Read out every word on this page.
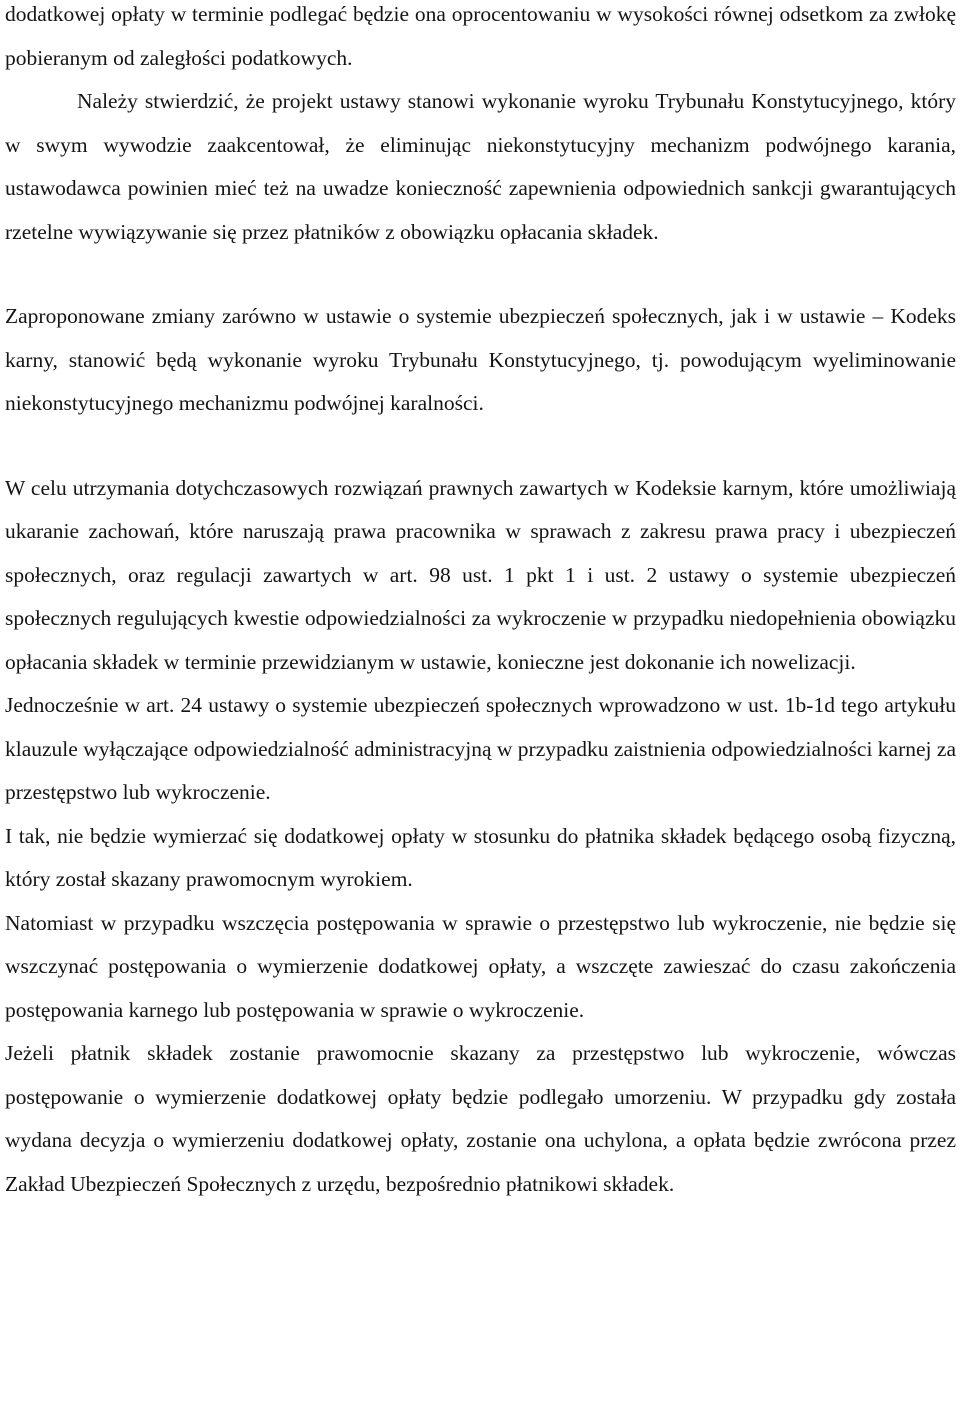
dodatkowej opłaty w terminie podlegać będzie ona oprocentowaniu w wysokości równej odsetkom za zwłokę pobieranym od zaległości podatkowych.

Należy stwierdzić, że projekt ustawy stanowi wykonanie wyroku Trybunału Konstytucyjnego, który w swym wywodzie zaakcentował, że eliminując niekonstytucyjny mechanizm podwójnego karania, ustawodawca powinien mieć też na uwadze konieczność zapewnienia odpowiednich sankcji gwarantujących rzetelne wywiązywanie się przez płatników z obowiązku opłacania składek.

Zaproponowane zmiany zarówno w ustawie o systemie ubezpieczeń społecznych, jak i w ustawie – Kodeks karny, stanowić będą wykonanie wyroku Trybunału Konstytucyjnego, tj. powodującym wyeliminowanie niekonstytucyjnego mechanizmu podwójnej karalności.

W celu utrzymania dotychczasowych rozwiązań prawnych zawartych w Kodeksie karnym, które umożliwiają ukaranie zachowań, które naruszają prawa pracownika w sprawach z zakresu prawa pracy i ubezpieczeń społecznych, oraz regulacji zawartych w art. 98 ust. 1 pkt 1 i ust. 2 ustawy o systemie ubezpieczeń społecznych regulujących kwestie odpowiedzialności za wykroczenie w przypadku niedopełnienia obowiązku opłacania składek w terminie przewidzianym w ustawie, konieczne jest dokonanie ich nowelizacji.

Jednocześnie w art. 24 ustawy o systemie ubezpieczeń społecznych wprowadzono w ust. 1b-1d tego artykułu klauzule wyłączające odpowiedzialność administracyjną w przypadku zaistnienia odpowiedzialności karnej za przestępstwo lub wykroczenie.

I tak, nie będzie wymierzać się dodatkowej opłaty w stosunku do płatnika składek będącego osobą fizyczną, który został skazany prawomocnym wyrokiem.

Natomiast w przypadku wszczęcia postępowania w sprawie o przestępstwo lub wykroczenie, nie będzie się wszczynać postępowania o wymierzenie dodatkowej opłaty, a wszczęte zawieszać do czasu zakończenia postępowania karnego lub postępowania w sprawie o wykroczenie.

Jeżeli płatnik składek zostanie prawomocnie skazany za przestępstwo lub wykroczenie, wówczas postępowanie o wymierzenie dodatkowej opłaty będzie podlegało umorzeniu. W przypadku gdy została wydana decyzja o wymierzeniu dodatkowej opłaty, zostanie ona uchylona, a opłata będzie zwrócona przez Zakład Ubezpieczeń Społecznych z urzędu, bezpośrednio płatnikowi składek.
